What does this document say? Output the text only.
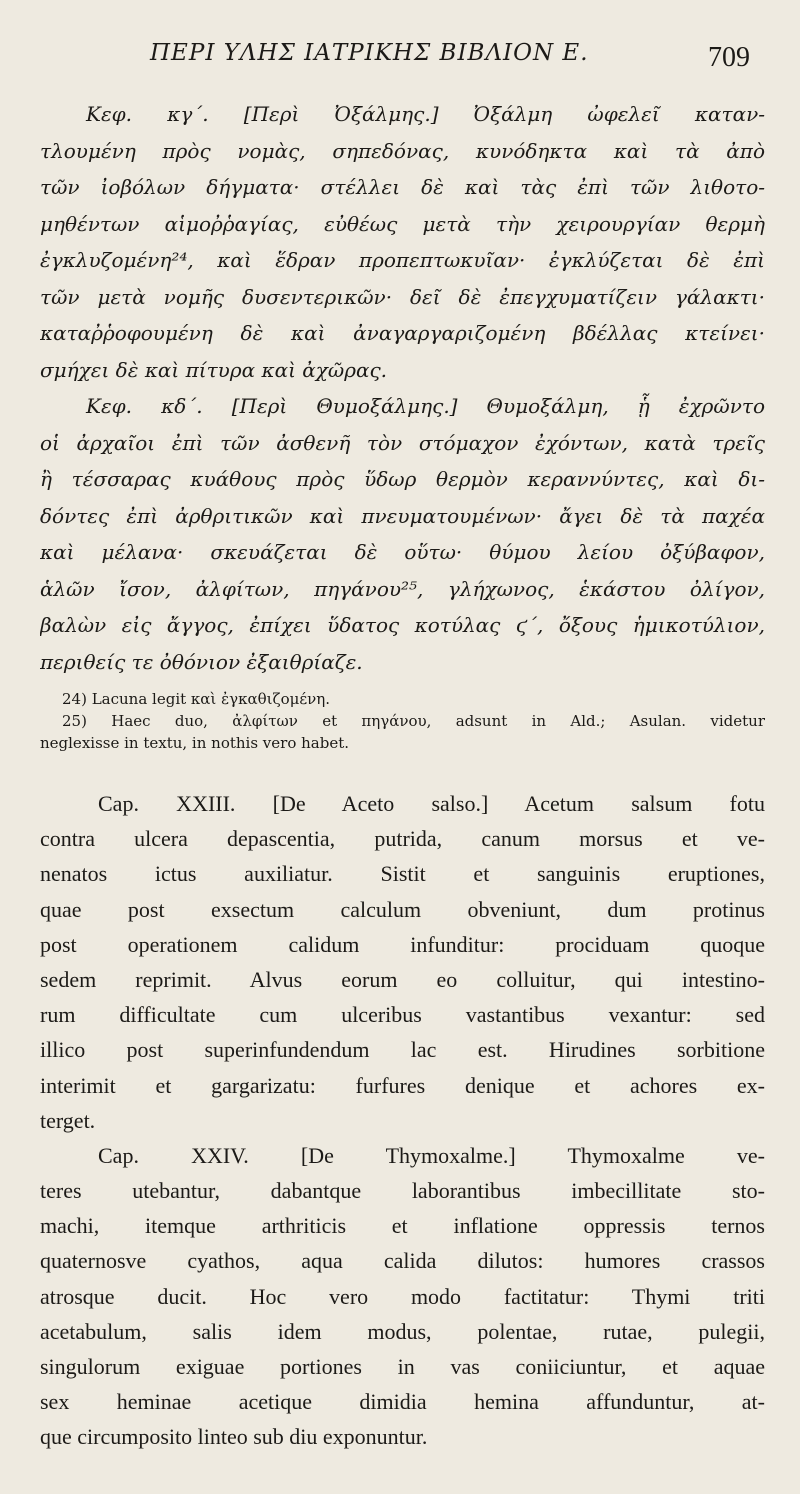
ΠΕΡΙ ΥΛΗΣ ΙΑΤΡΙΚΗΣ ΒΙΒΛΙΟΝ Ε.	709
Κεφ. κγ΄. [Περὶ Ὀξάλμης.] Ὀξάλμη ὠφελεῖ καταν-
τλουμένη πρὸς νομὰς, σηπεδόνας, κυνόδηκτα καὶ τὰ ἀπὸ
τῶν ἰοβόλων δήγματα· στέλλει δὲ καὶ τὰς ἐπὶ τῶν λιθοτο-
μηθέντων αἱμοῤῥαγίας, εὐθέως μετὰ τὴν χειρουργίαν θερμὴ
ἐγκλυζομένη²⁴, καὶ ἕδραν προπεπτωκυῖαν· ἐγκλύζεται δὲ ἐπὶ
τῶν μετὰ νομῆς δυσεντερικῶν· δεῖ δὲ ἐπεγχυματίζειν γάλακτι·
καταῤῥοφουμένη δὲ καὶ ἀναγαργαριζομένη βδέλλας κτείνει·
σμήχει δὲ καὶ πίτυρα καὶ ἀχῶρας.
Κεφ. κδ΄. [Περὶ Θυμοξάλμης.] Θυμοξάλμη, ᾗ ἐχρῶντο
οἱ ἀρχαῖοι ἐπὶ τῶν ἀσθενῆ τὸν στόμαχον ἐχόντων, κατὰ τρεῖς
ἢ τέσσαρας κυάθους πρὸς ὕδωρ θερμὸν κεραννύντες, καὶ δι-
δόντες ἐπὶ ἀρθριτικῶν καὶ πνευματουμένων· ἄγει δὲ τὰ παχέα
καὶ μέλανα· σκευάζεται δὲ οὕτω· θύμου λείου ὀξύβαφον,
ἁλῶν ἴσον, ἀλφίτων, πηγάνου²⁵, γλήχωνος, ἑκάστου ὀλίγον,
βαλὼν εἰς ἄγγος, ἐπίχει ὕδατος κοτύλας ϛ΄, ὄξους ἡμικοτύλιον,
περιθείς τε ὀθόνιον ἐξαιθρίαζε.
24) Lacuna legit καὶ ἐγκαθιζομένη.
25) Haec duo, ἀλφίτων et πηγάνου, adsunt in Ald.; Asulan. videtur
neglexisse in textu, in nothis vero habet.
Cap. XXIII. [De Aceto salso.] Acetum salsum fotu
contra ulcera depascentia, putrida, canum morsus et ve-
nenatos ictus auxiliatur. Sistit et sanguinis eruptiones,
quae post exsectum calculum obveniunt, dum protinus
post operationem calidum infunditur: prociduam quoque
sedem reprimit. Alvus eorum eo colluitur, qui intestino-
rum difficultate cum ulceribus vastantibus vexantur: sed
illico post superinfundendum lac est. Hirudines sorbitione
interimit et gargarizatu: furfures denique et achores ex-
terget.
Cap. XXIV. [De Thymoxalme.] Thymoxalme ve-
teres utebantur, dabantque laborantibus imbecillitate sto-
machi, itemque arthriticis et inflatione oppressis ternos
quaternosve cyathos, aqua calida dilutos: humores crassos
atrosque ducit. Hoc vero modo factitatur: Thymi triti
acetabulum, salis idem modus, polentae, rutae, pulegii,
singulorum exiguae portiones in vas coniiciuntur, et aquae
sex heminae acetique dimidia hemina affunduntur, at-
que circumposito linteo sub diu exponuntur.
